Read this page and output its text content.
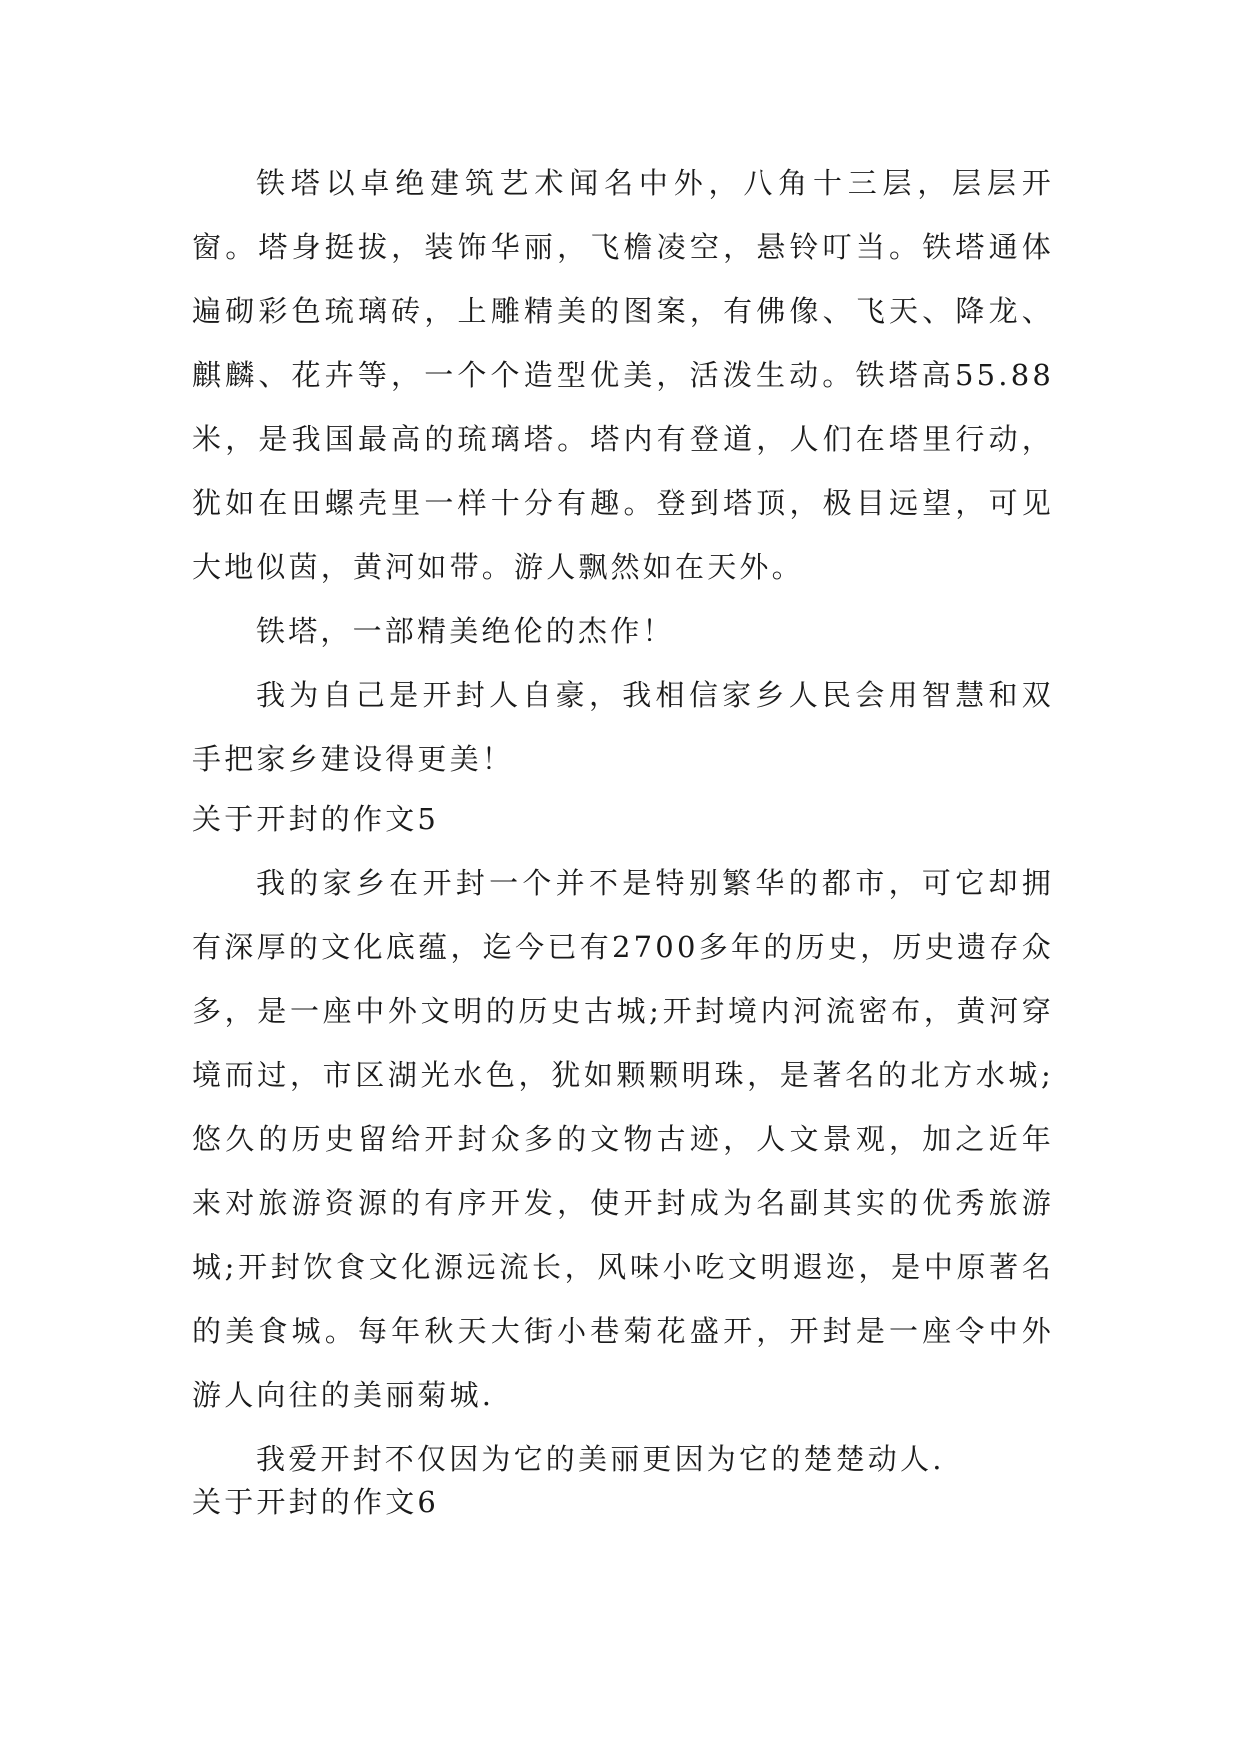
铁塔以卓绝建筑艺术闻名中外，八角十三层，层层开窗。塔身挺拔，装饰华丽，飞檐凌空，悬铃叮当。铁塔通体遍砌彩色琉璃砖，上雕精美的图案，有佛像、飞天、降龙、麒麟、花卉等，一个个造型优美，活泼生动。铁塔高55.88米，是我国最高的琉璃塔。塔内有登道，人们在塔里行动，犹如在田螺壳里一样十分有趣。登到塔顶，极目远望，可见大地似茵，黄河如带。游人飘然如在天外。

铁塔，一部精美绝伦的杰作！

我为自己是开封人自豪，我相信家乡人民会用智慧和双手把家乡建设得更美！

关于开封的作文5

我的家乡在开封一个并不是特别繁华的都市，可它却拥有深厚的文化底蕴，迄今已有2700多年的历史，历史遗存众多，是一座中外文明的历史古城;开封境内河流密布，黄河穿境而过，市区湖光水色，犹如颗颗明珠，是著名的北方水城;悠久的历史留给开封众多的文物古迹，人文景观，加之近年来对旅游资源的有序开发，使开封成为名副其实的优秀旅游城;开封饮食文化源远流长，风味小吃文明遐迩，是中原著名的美食城。每年秋天大街小巷菊花盛开，开封是一座令中外游人向往的美丽菊城.

我爱开封不仅因为它的美丽更因为它的楚楚动人.

关于开封的作文6
